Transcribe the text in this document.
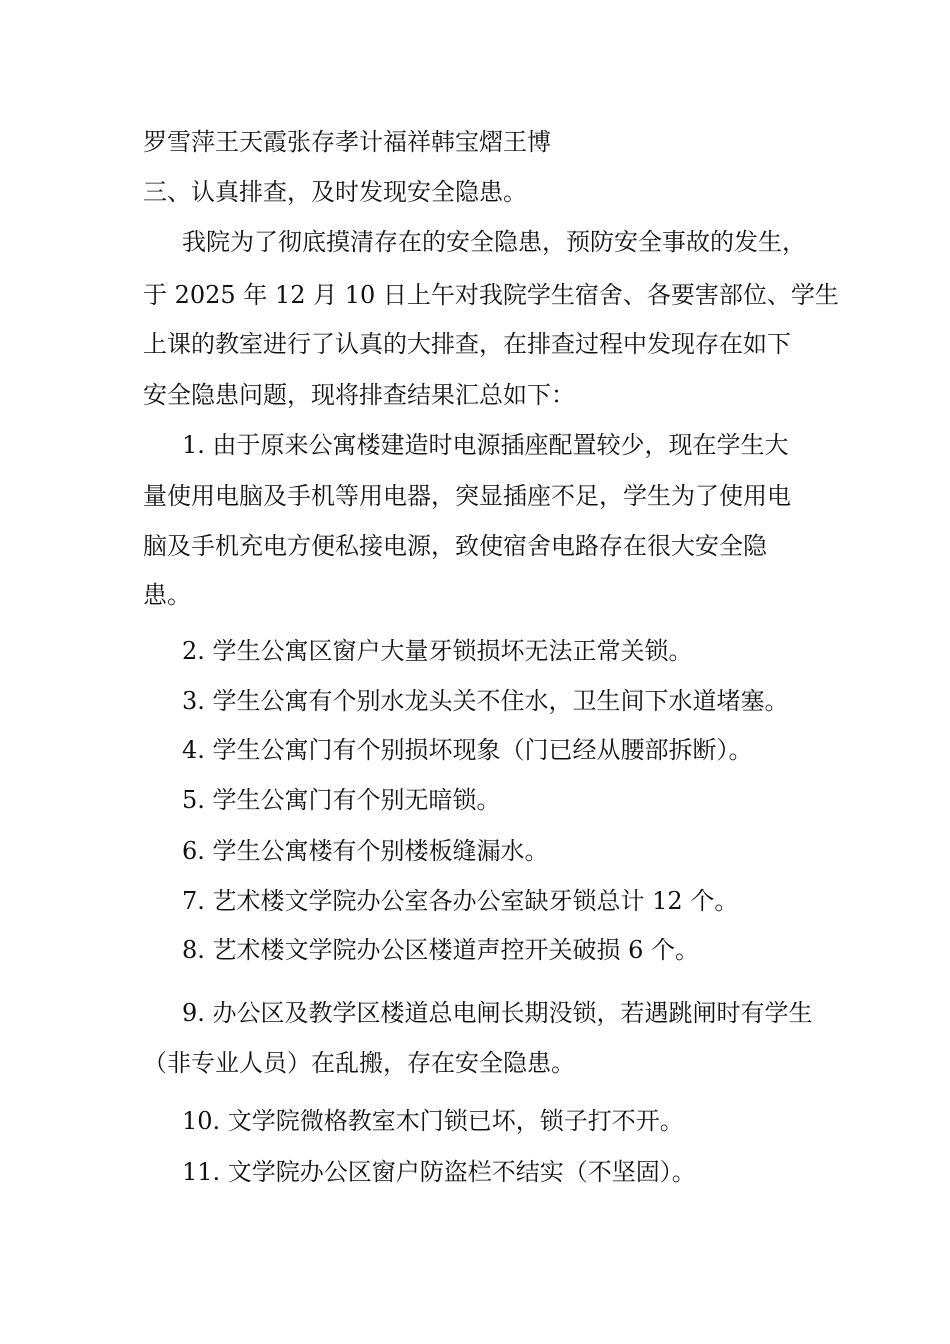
罗雪萍王天霞张存孝计福祥韩宝熠王博
三、认真排查，及时发现安全隐患。
我院为了彻底摸清存在的安全隐患，预防安全事故的发生，
于 2025 年 12 月 10 日上午对我院学生宿舍、各要害部位、学生
上课的教室进行了认真的大排查，在排查过程中发现存在如下
安全隐患问题，现将排查结果汇总如下：
1. 由于原来公寓楼建造时电源插座配置较少，现在学生大
量使用电脑及手机等用电器，突显插座不足，学生为了使用电
脑及手机充电方便私接电源，致使宿舍电路存在很大安全隐
患。
2. 学生公寓区窗户大量牙锁损坏无法正常关锁。
3. 学生公寓有个别水龙头关不住水，卫生间下水道堵塞。
4. 学生公寓门有个别损坏现象（门已经从腰部拆断）。
5. 学生公寓门有个别无暗锁。
6. 学生公寓楼有个别楼板缝漏水。
7. 艺术楼文学院办公室各办公室缺牙锁总计 12 个。
8. 艺术楼文学院办公区楼道声控开关破损 6 个。
9. 办公区及教学区楼道总电闸长期没锁，若遇跳闸时有学生
（非专业人员）在乱搬，存在安全隐患。
10. 文学院微格教室木门锁已坏，锁子打不开。
11. 文学院办公区窗户防盗栏不结实（不坚固）。
